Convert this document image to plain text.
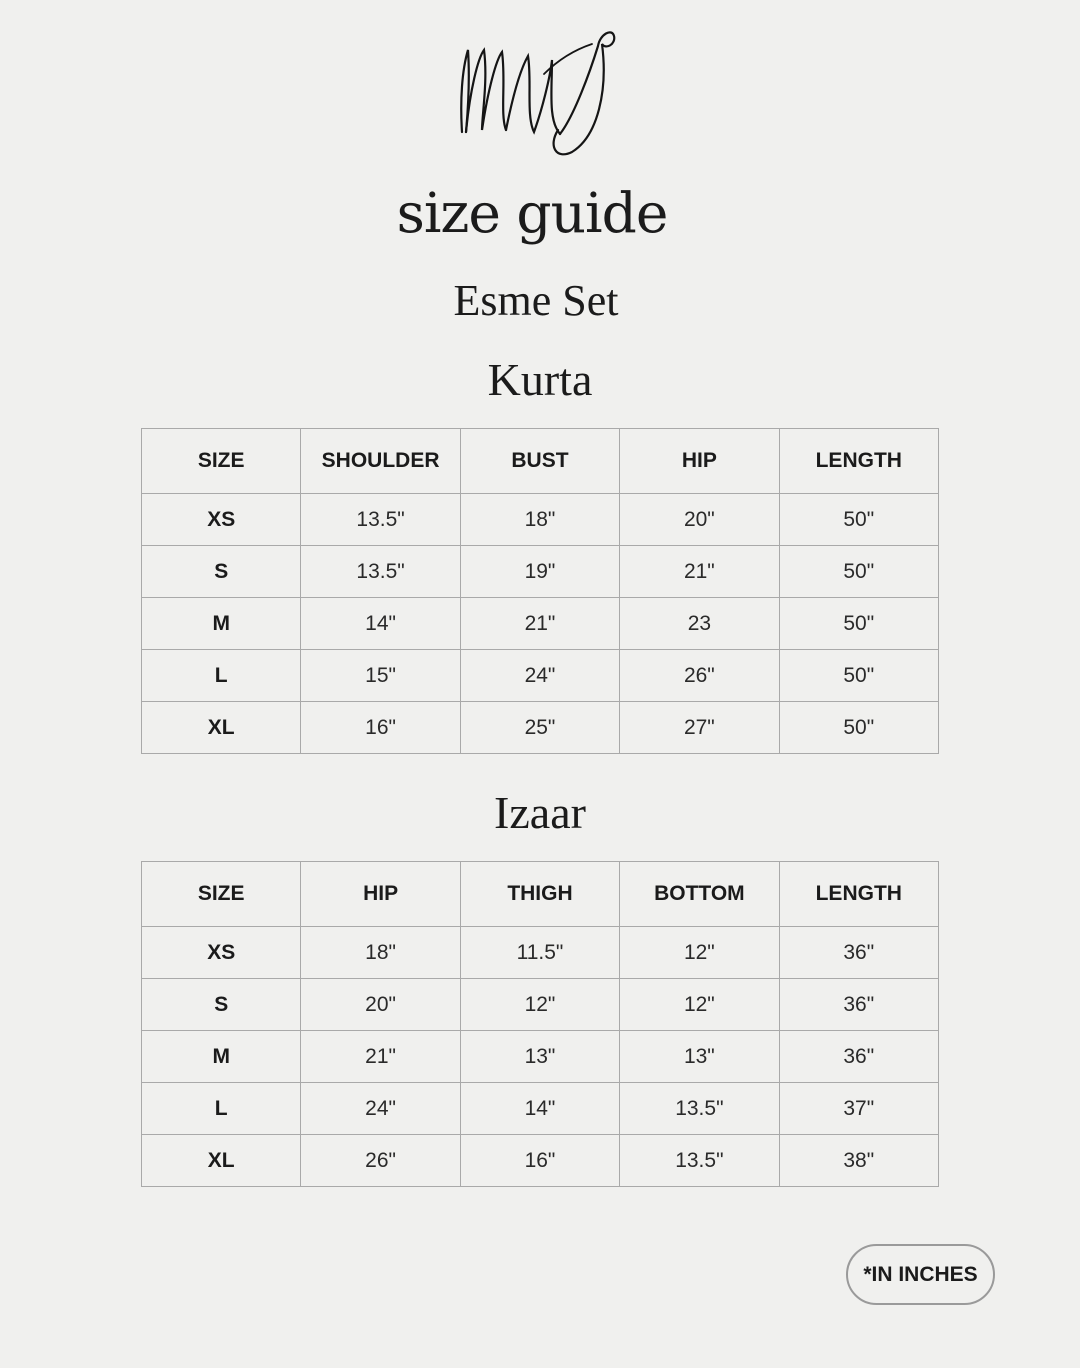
size guide
Esme Set
Kurta
SIZE	SHOULDER	BUST	HIP	LENGTH
XS	13.5"	18"	20"	50"
S	13.5"	19"	21"	50"
M	14"	21"	23	50"
L	15"	24"	26"	50"
XL	16"	25"	27"	50"
Izaar
SIZE	HIP	THIGH	BOTTOM	LENGTH
XS	18"	11.5"	12"	36"
S	20"	12"	12"	36"
M	21"	13"	13"	36"
L	24"	14"	13.5"	37"
XL	26"	16"	13.5"	38"
*IN INCHES
